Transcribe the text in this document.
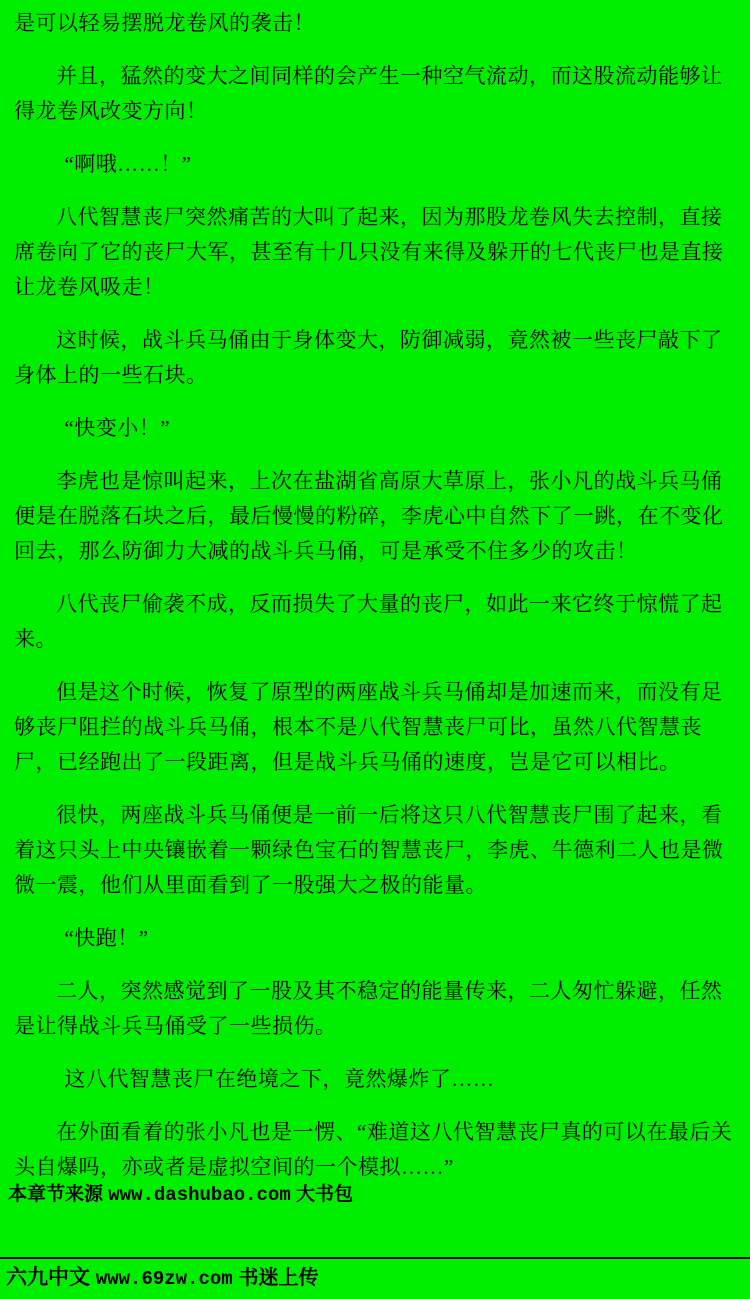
是可以轻易摆脱龙卷风的袭击！

并且，猛然的变大之间同样的会产生一种空气流动，而这股流动能够让得龙卷风改变方向！

“啊哦……！”

八代智慧丧尸突然痛苦的大叫了起来，因为那股龙卷风失去控制，直接席卷向了它的丧尸大军，甚至有十几只没有来得及躲开的七代丧尸也是直接让龙卷风吸走！

这时候，战斗兵马俑由于身体变大，防御减弱，竟然被一些丧尸敲下了身体上的一些石块。

“快变小！”

李虎也是惊叫起来，上次在盐湖省高原大草原上，张小凡的战斗兵马俑便是在脱落石块之后，最后慢慢的粉碎，李虎心中自然下了一跳，在不变化回去，那么防御力大减的战斗兵马俑，可是承受不住多少的攻击！

八代丧尸偷袭不成，反而损失了大量的丧尸，如此一来它终于惊慌了起来。

但是这个时候，恢复了原型的两座战斗兵马俑却是加速而来，而没有足够丧尸阻拦的战斗兵马俑，根本不是八代智慧丧尸可比，虽然八代智慧丧尸，已经跑出了一段距离，但是战斗兵马俑的速度，岂是它可以相比。

很快，两座战斗兵马俑便是一前一后将这只八代智慧丧尸围了起来，看着这只头上中央镶嵌着一颗绿色宝石的智慧丧尸，李虎、牛德利二人也是微微一震，他们从里面看到了一股强大之极的能量。

“快跑！”

二人，突然感觉到了一股及其不稳定的能量传来，二人匆忙躲避，任然是让得战斗兵马俑受了一些损伤。

这八代智慧丧尸在绝境之下，竟然爆炸了……

在外面看着的张小凡也是一愣、“难道这八代智慧丧尸真的可以在最后关头自爆吗，亦或者是虚拟空间的一个模拟……”

本章节来源 www.dashubao.com 大书包
六九中文 www.69zw.com 书迷上传
